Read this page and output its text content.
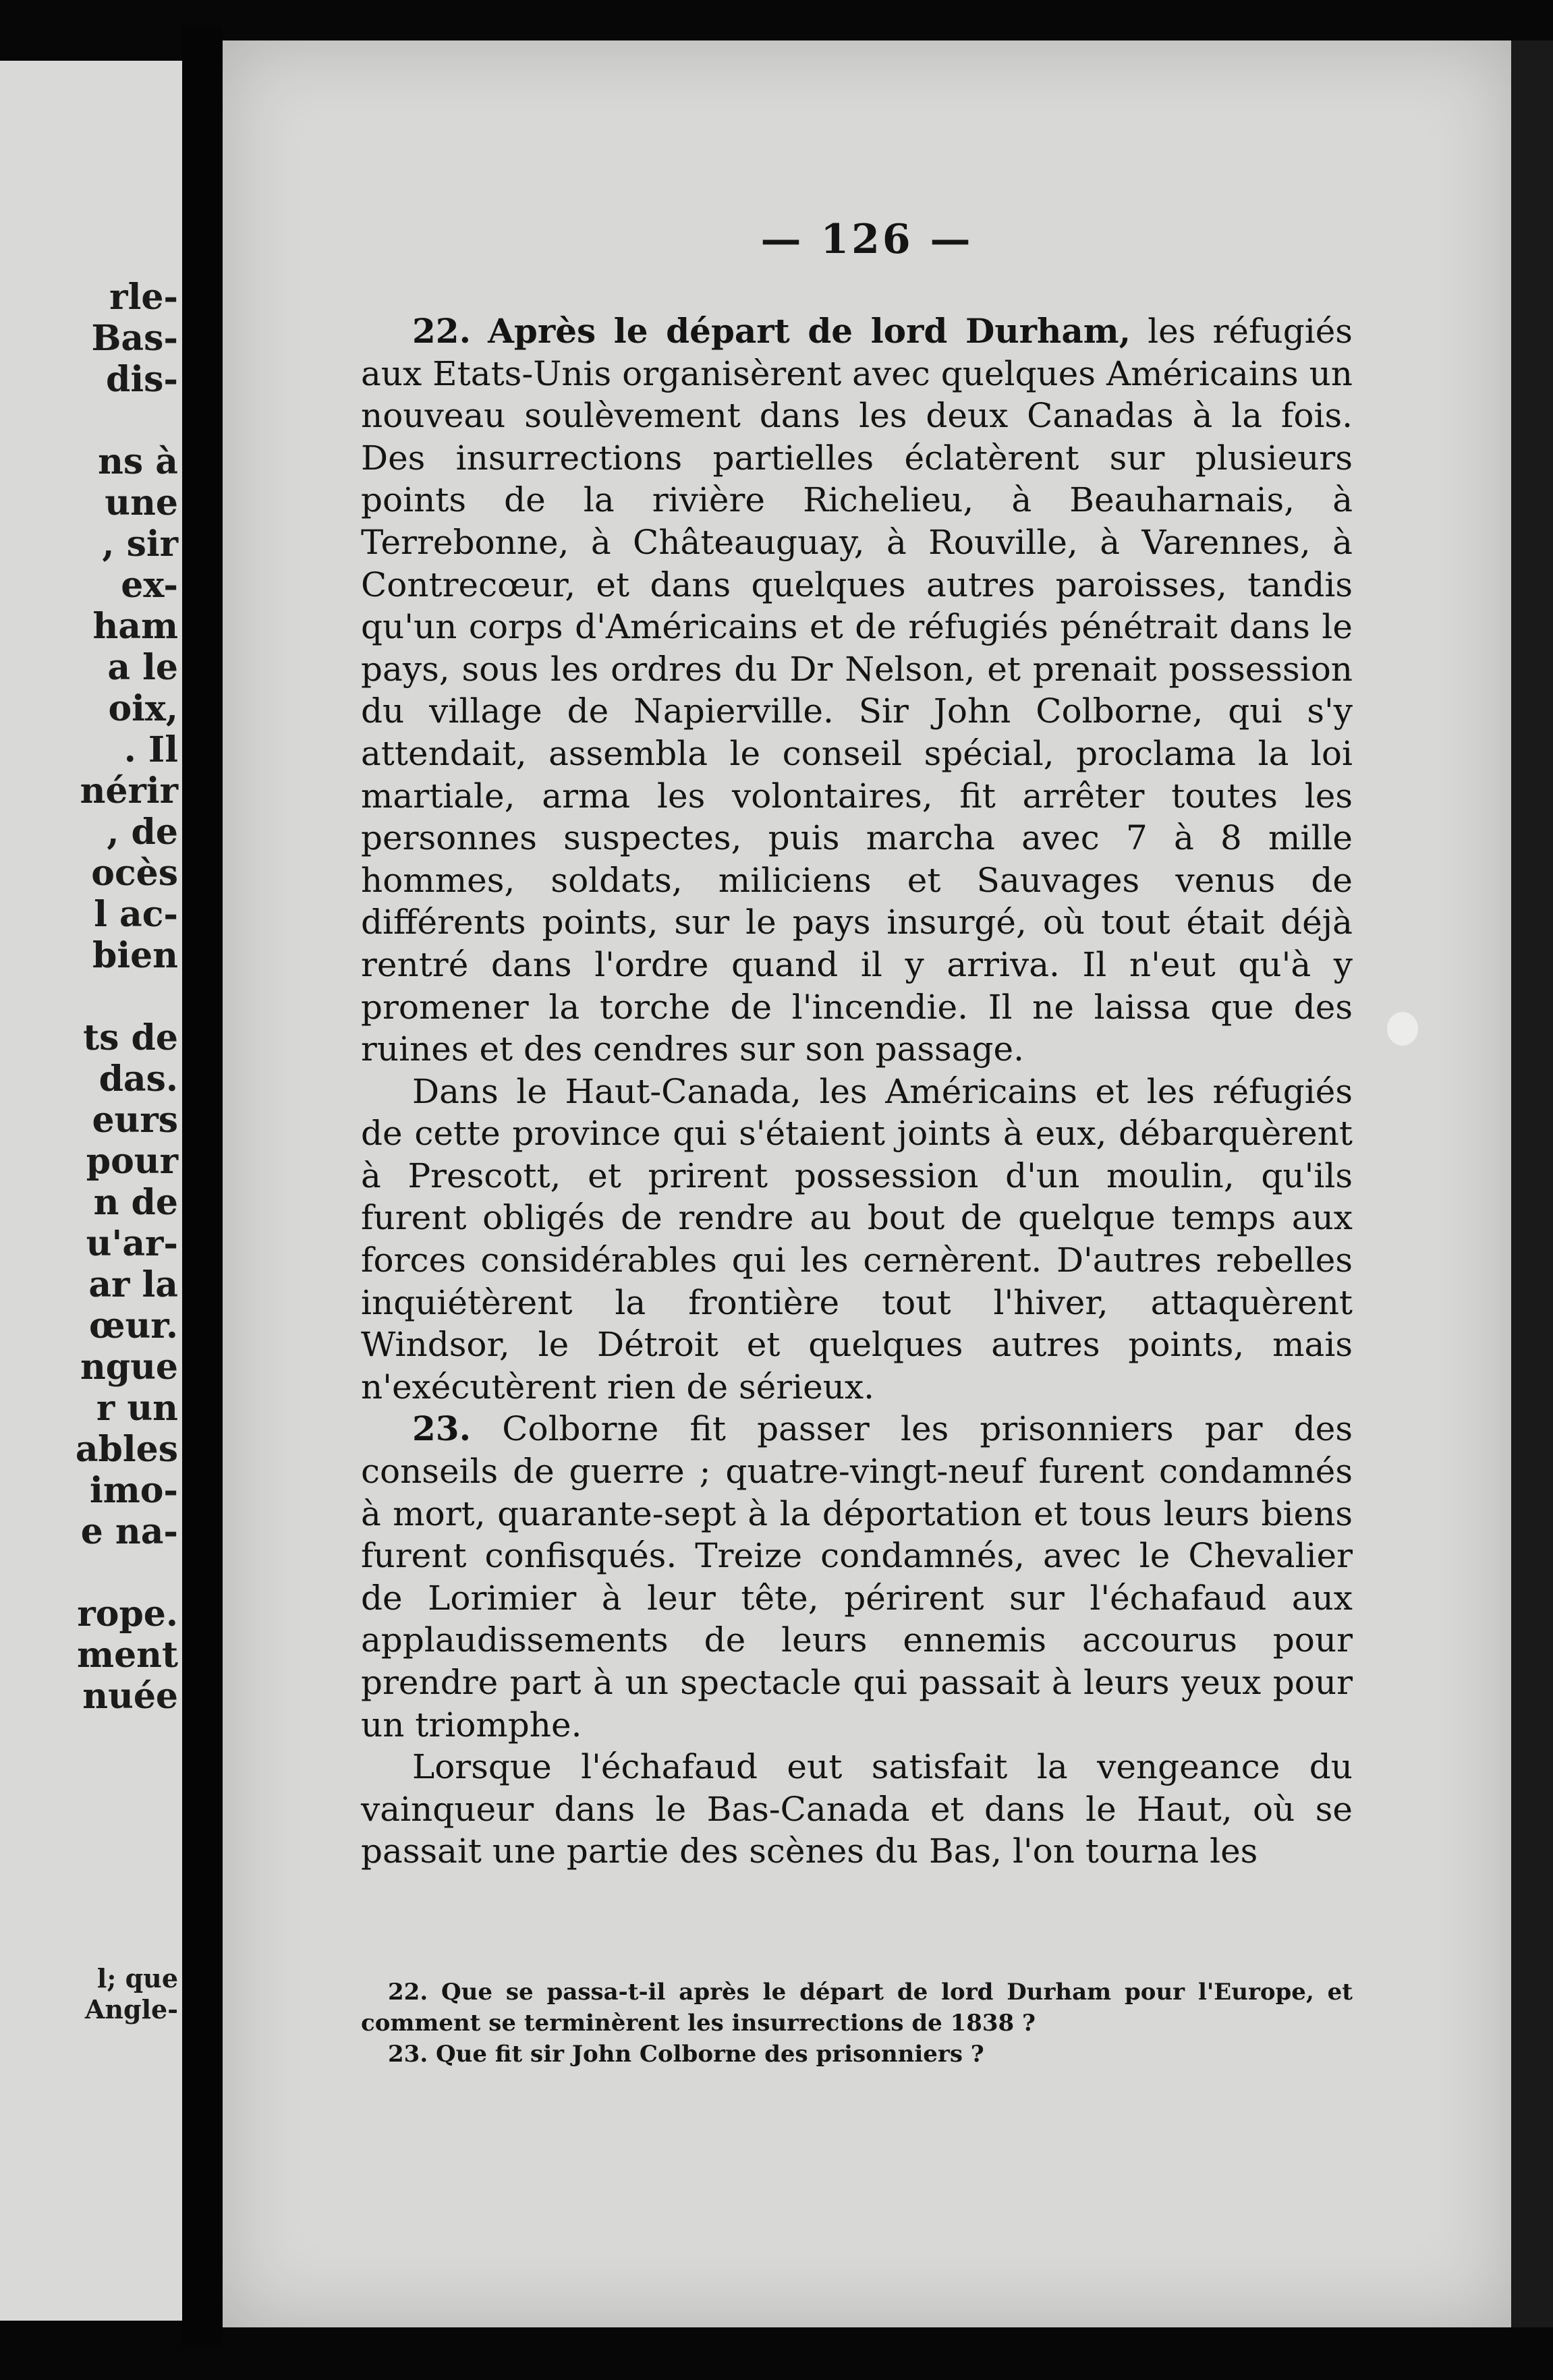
rle-
Bas-
dis-
ns à
une
, sir
ex-
ham
a le
oix,
. Il
nérir
, de
ocès
l ac-
bien
ts de
das.
eurs
pour
n de
u'ar-
ar la
œur.
ngue
r un
ables
imo-
e na-
rope.
ment
nuée
l; que
Angle-
— 126 —

22. Après le départ de lord Durham, les réfugiés aux Etats-Unis organisèrent avec quelques Américains un nouveau soulèvement dans les deux Canadas à la fois. Des insurrections partielles éclatèrent sur plusieurs points de la rivière Richelieu, à Beauharnais, à Terrebonne, à Châteauguay, à Rouville, à Varennes, à Contrecœur, et dans quelques autres paroisses, tandis qu'un corps d'Américains et de réfugiés pénétrait dans le pays, sous les ordres du Dr Nelson, et prenait possession du village de Napierville. Sir John Colborne, qui s'y attendait, assembla le conseil spécial, proclama la loi martiale, arma les volontaires, fit arrêter toutes les personnes suspectes, puis marcha avec 7 à 8 mille hommes, soldats, miliciens et Sauvages venus de différents points, sur le pays insurgé, où tout était déjà rentré dans l'ordre quand il y arriva. Il n'eut qu'à y promener la torche de l'incendie. Il ne laissa que des ruines et des cendres sur son passage.

Dans le Haut-Canada, les Américains et les réfugiés de cette province qui s'étaient joints à eux, débarquèrent à Prescott, et prirent possession d'un moulin, qu'ils furent obligés de rendre au bout de quelque temps aux forces considérables qui les cernèrent. D'autres rebelles inquiétèrent la frontière tout l'hiver, attaquèrent Windsor, le Détroit et quelques autres points, mais n'exécutèrent rien de sérieux.

23. Colborne fit passer les prisonniers par des conseils de guerre ; quatre-vingt-neuf furent condamnés à mort, quarante-sept à la déportation et tous leurs biens furent confisqués. Treize condamnés, avec le Chevalier de Lorimier à leur tête, périrent sur l'échafaud aux applaudissements de leurs ennemis accourus pour prendre part à un spectacle qui passait à leurs yeux pour un triomphe.

Lorsque l'échafaud eut satisfait la vengeance du vainqueur dans le Bas-Canada et dans le Haut, où se passait une partie des scènes du Bas, l'on tourna les

22. Que se passa-t-il après le départ de lord Durham pour l'Europe, et comment se terminèrent les insurrections de 1838 ?

23. Que fit sir John Colborne des prisonniers ?
